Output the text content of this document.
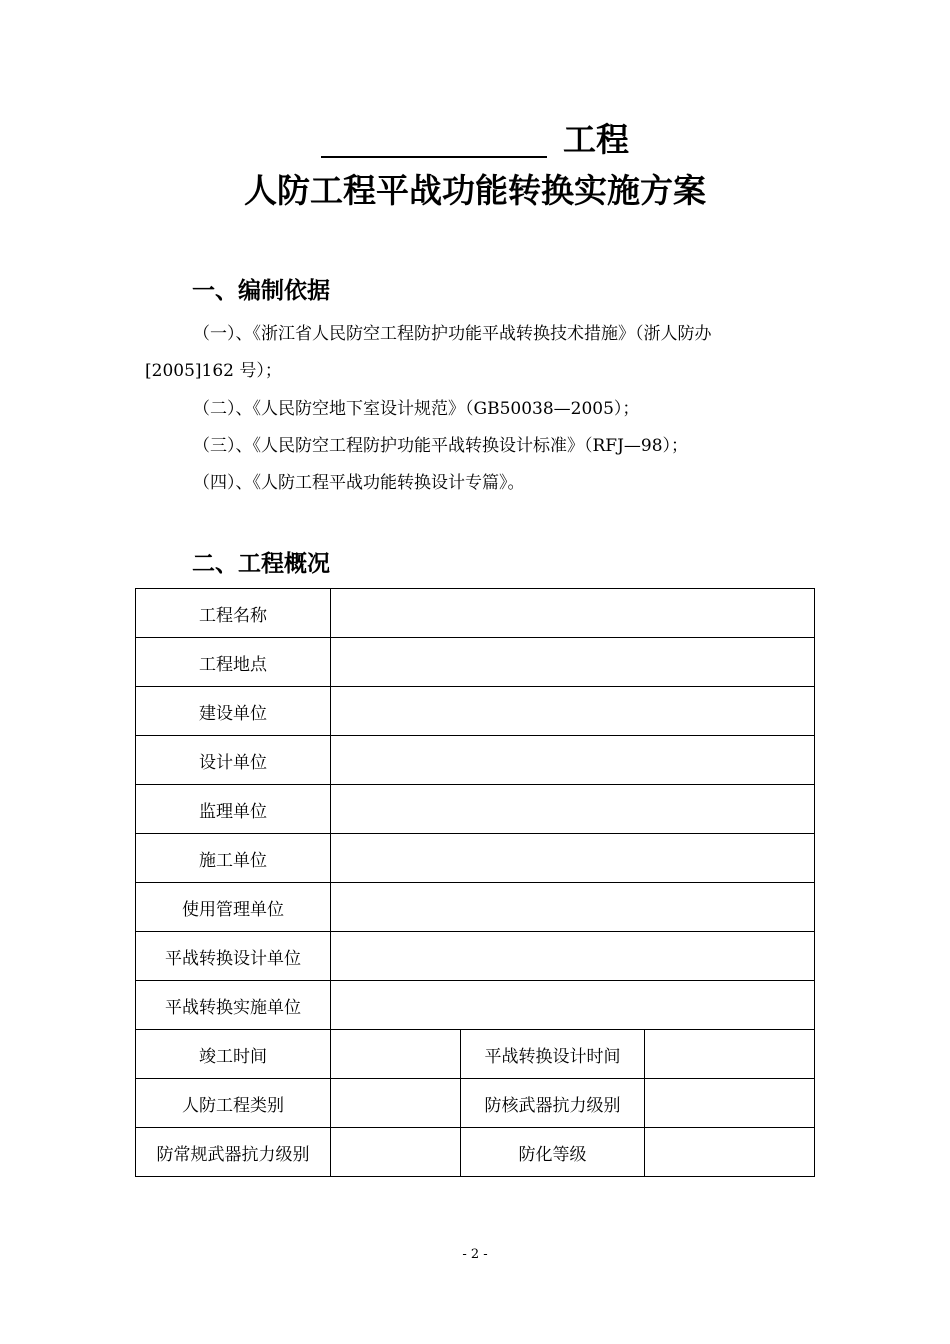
工程
人防工程平战功能转换实施方案
一、编制依据
（一）、《浙江省人民防空工程防护功能平战转换技术措施》（浙人防办
[2005]162 号）；
（二）、《人民防空地下室设计规范》（GB50038—2005）；
（三）、《人民防空工程防护功能平战转换设计标准》（RFJ—98）；
（四）、《人防工程平战功能转换设计专篇》。
二、工程概况
工程名称			
工程地点			
建设单位			
设计单位			
监理单位			
施工单位			
使用管理单位			
平战转换设计单位			
平战转换实施单位			
竣工时间		平战转换设计时间	
人防工程类别		防核武器抗力级别	
防常规武器抗力级别		防化等级	
- 2 -
